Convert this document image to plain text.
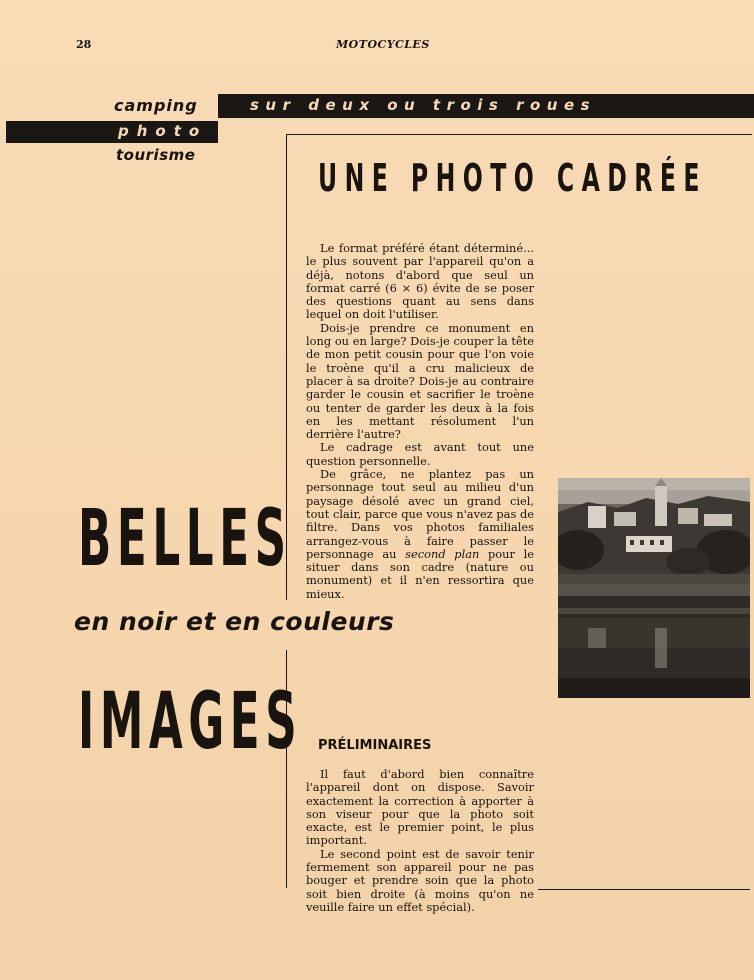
28	MOTOCYCLES
camping
photo
tourisme
sur deux ou trois roues
UNE PHOTO CADRÉE

Le format préféré étant déterminé... le plus souvent par l'appareil qu'on a déjà, notons d'abord que seul un format carré (6 × 6) évite de se poser des questions quant au sens dans lequel on doit l'utiliser.

Dois-je prendre ce monument en long ou en large? Dois-je couper la tête de mon petit cousin pour que l'on voie le troène qu'il a cru malicieux de placer à sa droite? Dois-je au contraire garder le cousin et sacrifier le troène ou tenter de garder les deux à la fois en les mettant résolument l'un derrière l'autre?

Le cadrage est avant tout une question personnelle.

De grâce, ne plantez pas un personnage tout seul au milieu d'un paysage désolé avec un grand ciel, tout clair, parce que vous n'avez pas de filtre. Dans vos photos familiales arrangez-vous à faire passer le personnage au second plan pour le situer dans son cadre (nature ou monument) et il n'en ressortira que mieux.

BELLES
en noir et en couleurs
IMAGES PRÉLIMINAIRES

Il faut d'abord bien connaître l'appareil dont on dispose. Savoir exactement la correction à apporter à son viseur pour que la photo soit exacte, est le premier point, le plus important.

Le second point est de savoir tenir fermement son appareil pour ne pas bouger et prendre soin que la photo soit bien droite (à moins qu'on ne veuille faire un effet spécial).
